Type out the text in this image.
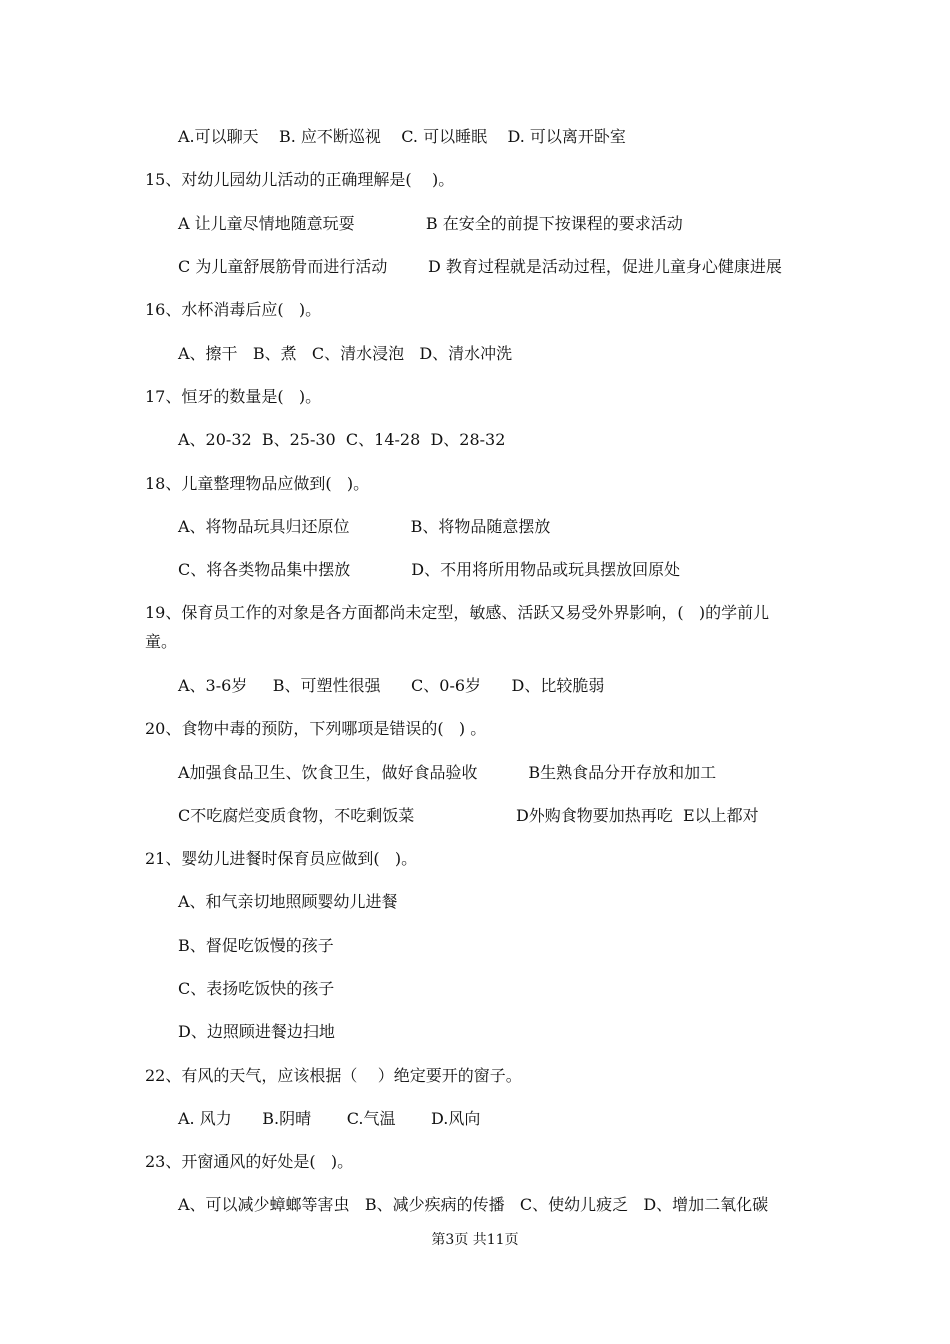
A.可以聊天    B. 应不断巡视    C. 可以睡眠    D. 可以离开卧室
15、对幼儿园幼儿活动的正确理解是(    )。
A 让儿童尽情地随意玩耍              B 在安全的前提下按课程的要求活动
C 为儿童舒展筋骨而进行活动        D 教育过程就是活动过程，促进儿童身心健康进展
16、水杯消毒后应(   )。
A、擦干   B、煮   C、清水浸泡   D、清水冲洗
17、恒牙的数量是(   )。
A、20-32  B、25-30  C、14-28  D、28-32
18、儿童整理物品应做到(   )。
A、将物品玩具归还原位            B、将物品随意摆放
C、将各类物品集中摆放            D、不用将所用物品或玩具摆放回原处
19、保育员工作的对象是各方面都尚未定型，敏感、活跃又易受外界影响，(   )的学前儿
童。
A、3-6岁     B、可塑性很强      C、0-6岁      D、比较脆弱
20、食物中毒的预防，下列哪项是错误的(   ) 。
A加强食品卫生、饮食卫生，做好食品验收          B生熟食品分开存放和加工
C不吃腐烂变质食物，不吃剩饭菜                    D外购食物要加热再吃  E以上都对
21、婴幼儿进餐时保育员应做到(   )。
A、和气亲切地照顾婴幼儿进餐
B、督促吃饭慢的孩子
C、表扬吃饭快的孩子
D、边照顾进餐边扫地
22、有风的天气，应该根据（    ）绝定要开的窗子。
A. 风力      B.阴晴       C.气温       D.风向
23、开窗通风的好处是(   )。
A、可以减少蟑螂等害虫   B、减少疾病的传播   C、使幼儿疲乏   D、增加二氧化碳
第3页 共11页
